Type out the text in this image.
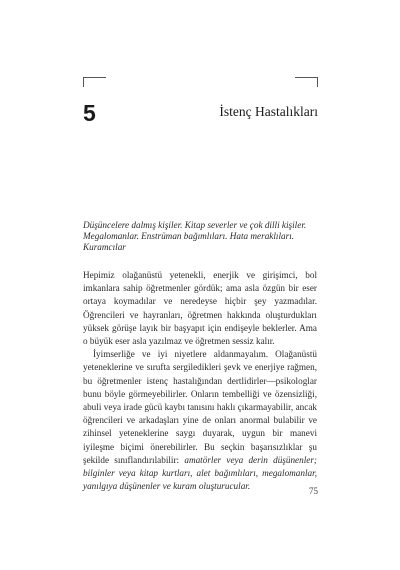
5	İstenç Hastalıkları
Düşüncelere dalmış kişiler. Kitap severler ve çok dilli kişiler.
Megalomanlar. Enstrüman bağımlıları. Hata meraklıları.
Kuramcılar

Hepimiz olağanüstü yetenekli, enerjik ve girişimci, bol imkanlara sahip öğretmenler gördük; ama asla özgün bir eser ortaya koymadılar ve neredeyse hiçbir şey yazmadılar. Öğrencileri ve hayranları, öğretmen hakkında oluşturdukları yüksek görüşe layık bir başyapıt için endişeyle beklerler. Ama o büyük eser asla yazılmaz ve öğretmen sessiz kalır.

İyimserliğe ve iyi niyetlere aldanmayalım. Olağanüstü yeteneklerine ve sırufta sergiledikleri şevk ve enerjiye rağmen, bu öğretmenler istenç hastalığından dertlidirler—psikologlar bunu böyle görmeyebilirler. Onların tembelliği ve özensizliği, abuli veya irade gücü kaybı tanısını haklı çıkarmayabilir, ancak öğrencileri ve arkadaşları yine de onları anormal bulabilir ve zihinsel yeteneklerine saygı duyarak, uygun bir manevi iyileşme biçimi önerebilirler. Bu seçkin başarısızlıklar şu şekilde sınıflandırılabilir: amatörler veya derin düşünenler; bilginler veya kitap kurtları, alet bağımlıları, megalomanlar, yanılgıya düşünenler ve kuram oluşturucular.	75
